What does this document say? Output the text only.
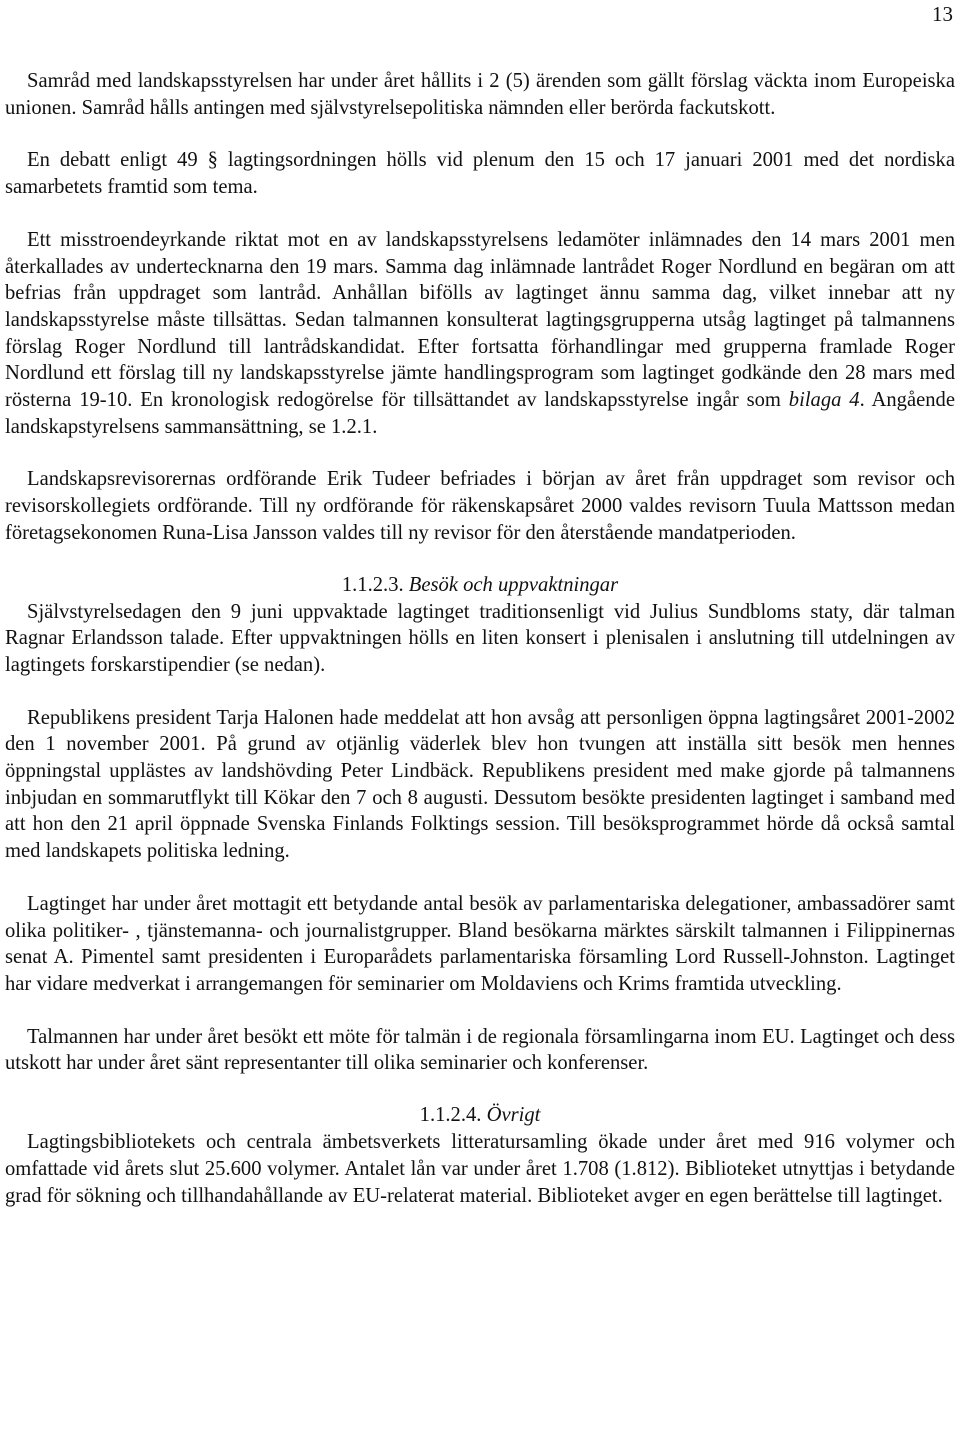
13

Samråd med landskapsstyrelsen har under året hållits i 2 (5) ärenden som gällt förslag väckta inom Europeiska unionen. Samråd hålls antingen med självstyrelsepolitiska nämnden eller berörda fackutskott.

En debatt enligt 49 § lagtingsordningen hölls vid plenum den 15 och 17 januari 2001 med det nordiska samarbetets framtid som tema.

Ett misstroendeyrkande riktat mot en av landskapsstyrelsens ledamöter inlämnades den 14 mars 2001 men återkallades av undertecknarna den 19 mars. Samma dag inlämnade lantrådet Roger Nordlund en begäran om att befrias från uppdraget som lantråd. Anhållan bifölls av lagtinget ännu samma dag, vilket innebar att ny landskapsstyrelse måste tillsättas. Sedan talmannen konsulterat lagtingsgrupperna utsåg lagtinget på talmannens förslag Roger Nordlund till lantrådskandidat. Efter fortsatta förhandlingar med grupperna framlade Roger Nordlund ett förslag till ny landskapsstyrelse jämte handlingsprogram som lagtinget godkände den 28 mars med rösterna 19-10. En kronologisk redogörelse för tillsättandet av landskapsstyrelse ingår som bilaga 4. Angående landskapstyrelsens sammansättning, se 1.2.1.

Landskapsrevisorernas ordförande Erik Tudeer befriades i början av året från uppdraget som revisor och revisorskollegiets ordförande. Till ny ordförande för räkenskapsåret 2000 valdes revisorn Tuula Mattsson medan företagsekonomen Runa-Lisa Jansson valdes till ny revisor för den återstående mandatperioden.

1.1.2.3. Besök och uppvaktningar

Självstyrelsedagen den 9 juni uppvaktade lagtinget traditionsenligt vid Julius Sundbloms staty, där talman Ragnar Erlandsson talade. Efter uppvaktningen hölls en liten konsert i plenisalen i anslutning till utdelningen av lagtingets forskarstipendier (se nedan).

Republikens president Tarja Halonen hade meddelat att hon avsåg att personligen öppna lagtingsåret 2001-2002 den 1 november 2001. På grund av otjänlig väderlek blev hon tvungen att inställa sitt besök men hennes öppningstal upplästes av landshövding Peter Lindbäck. Republikens president med make gjorde på talmannens inbjudan en sommarutflykt till Kökar den 7 och 8 augusti. Dessutom besökte presidenten lagtinget i samband med att hon den 21 april öppnade Svenska Finlands Folktings session. Till besöksprogrammet hörde då också samtal med landskapets politiska ledning.

Lagtinget har under året mottagit ett betydande antal besök av parlamentariska delegationer, ambassadörer samt olika politiker- , tjänstemanna- och journalistgrupper. Bland besökarna märktes särskilt talmannen i Filippinernas senat A. Pimentel samt presidenten i Europarådets parlamentariska församling Lord Russell-Johnston. Lagtinget har vidare medverkat i arrangemangen för seminarier om Moldaviens och Krims framtida utveckling.

Talmannen har under året besökt ett möte för talmän i de regionala församlingarna inom EU. Lagtinget och dess utskott har under året sänt representanter till olika seminarier och konferenser.

1.1.2.4. Övrigt

Lagtingsbibliotekets och centrala ämbetsverkets litteratursamling ökade under året med 916 volymer och omfattade vid årets slut 25.600 volymer. Antalet lån var under året 1.708 (1.812). Biblioteket utnyttjas i betydande grad för sökning och tillhandahållande av EU-relaterat material. Biblioteket avger en egen berättelse till lagtinget.
